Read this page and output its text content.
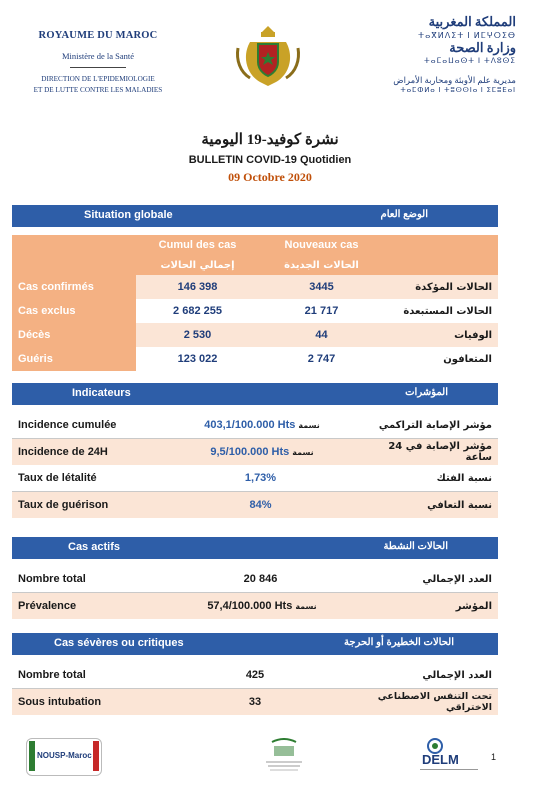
ROYAUME DU MAROC
Ministère de la Santé
DIRECTION DE L'EPIDEMIOLOGIE
ET DE LUTTE CONTRE LES MALADIES
المملكة المغربية
ⵜⴰⴳⵍⴷⵉⵜ ⵏ ⵍⵎⵖⵔⵉⴱ
وزارة الصحة
ⵜⴰⵎⴰⵡⴰⵙⵜ ⵏ ⵜⴷⵓⵙⵉ
مديرية علم الأوبئة ومحاربة الأمراض
ⵜⴰⵎⵀⵍⴰ ⵏ ⵜⵓⵙⵙⵏⴰ ⵏ ⵉⵎⵓⴹⴰⵏ
نشرة كوفيد-19 اليومية
BULLETIN COVID-19 Quotidien
09 Octobre 2020
Situation globale	الوضع العام
	Cumul des cas	Nouveaux cas	
	إجمالي الحالات	الحالات الجديدة	
Cas confirmés	146 398	3445	الحالات المؤكدة
Cas exclus	2 682 255	21 717	الحالات المستبعدة
Décès	2 530	44	الوفيات
Guéris	123 022	2 747	المتعافون
Indicateurs	المؤشرات
Incidence cumulée	403,1/100.000 Hts نسمة	مؤشر الإصابة التراكمي
Incidence de 24H	9,5/100.000 Hts نسمة	مؤشر الإصابة في 24 ساعة
Taux de létalité	1,73%	نسبة الفتك
Taux de guérison	84%	نسبة التعافي
Cas actifs	الحالات النشطة
Nombre total	20 846	العدد الإجمالي
Prévalence	57,4/100.000 Hts نسمة	المؤشر
Cas sévères ou critiques	الحالات الخطيرة أو الحرجة
Nombre total	425	العدد الإجمالي
Sous intubation	33	تحت التنفس الاصطناعي الاختراقي
NOUSP-Maroc	DELM	1
